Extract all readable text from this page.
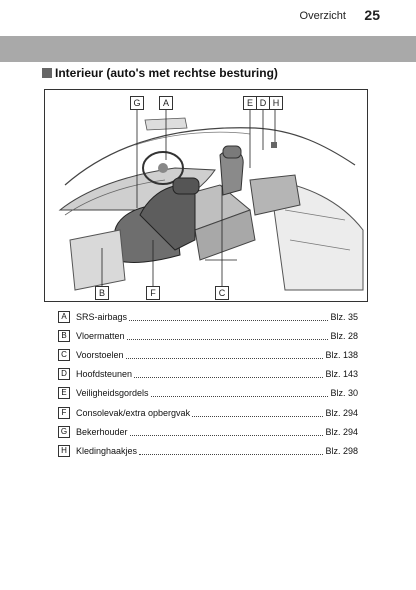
Overzicht 25
Interieur (auto's met rechtse besturing)
G	A	E D H
B	F	C
A	SRS-airbags	Blz. 35
B	Vloermatten	Blz. 28
C	Voorstoelen	Blz. 138
D	Hoofdsteunen	Blz. 143
E	Veiligheidsgordels	Blz. 30
F	Consolevak/extra opbergvak	Blz. 294
G Bekerhouder	Blz. 294
H	Kledinghaakjes	Blz. 298
